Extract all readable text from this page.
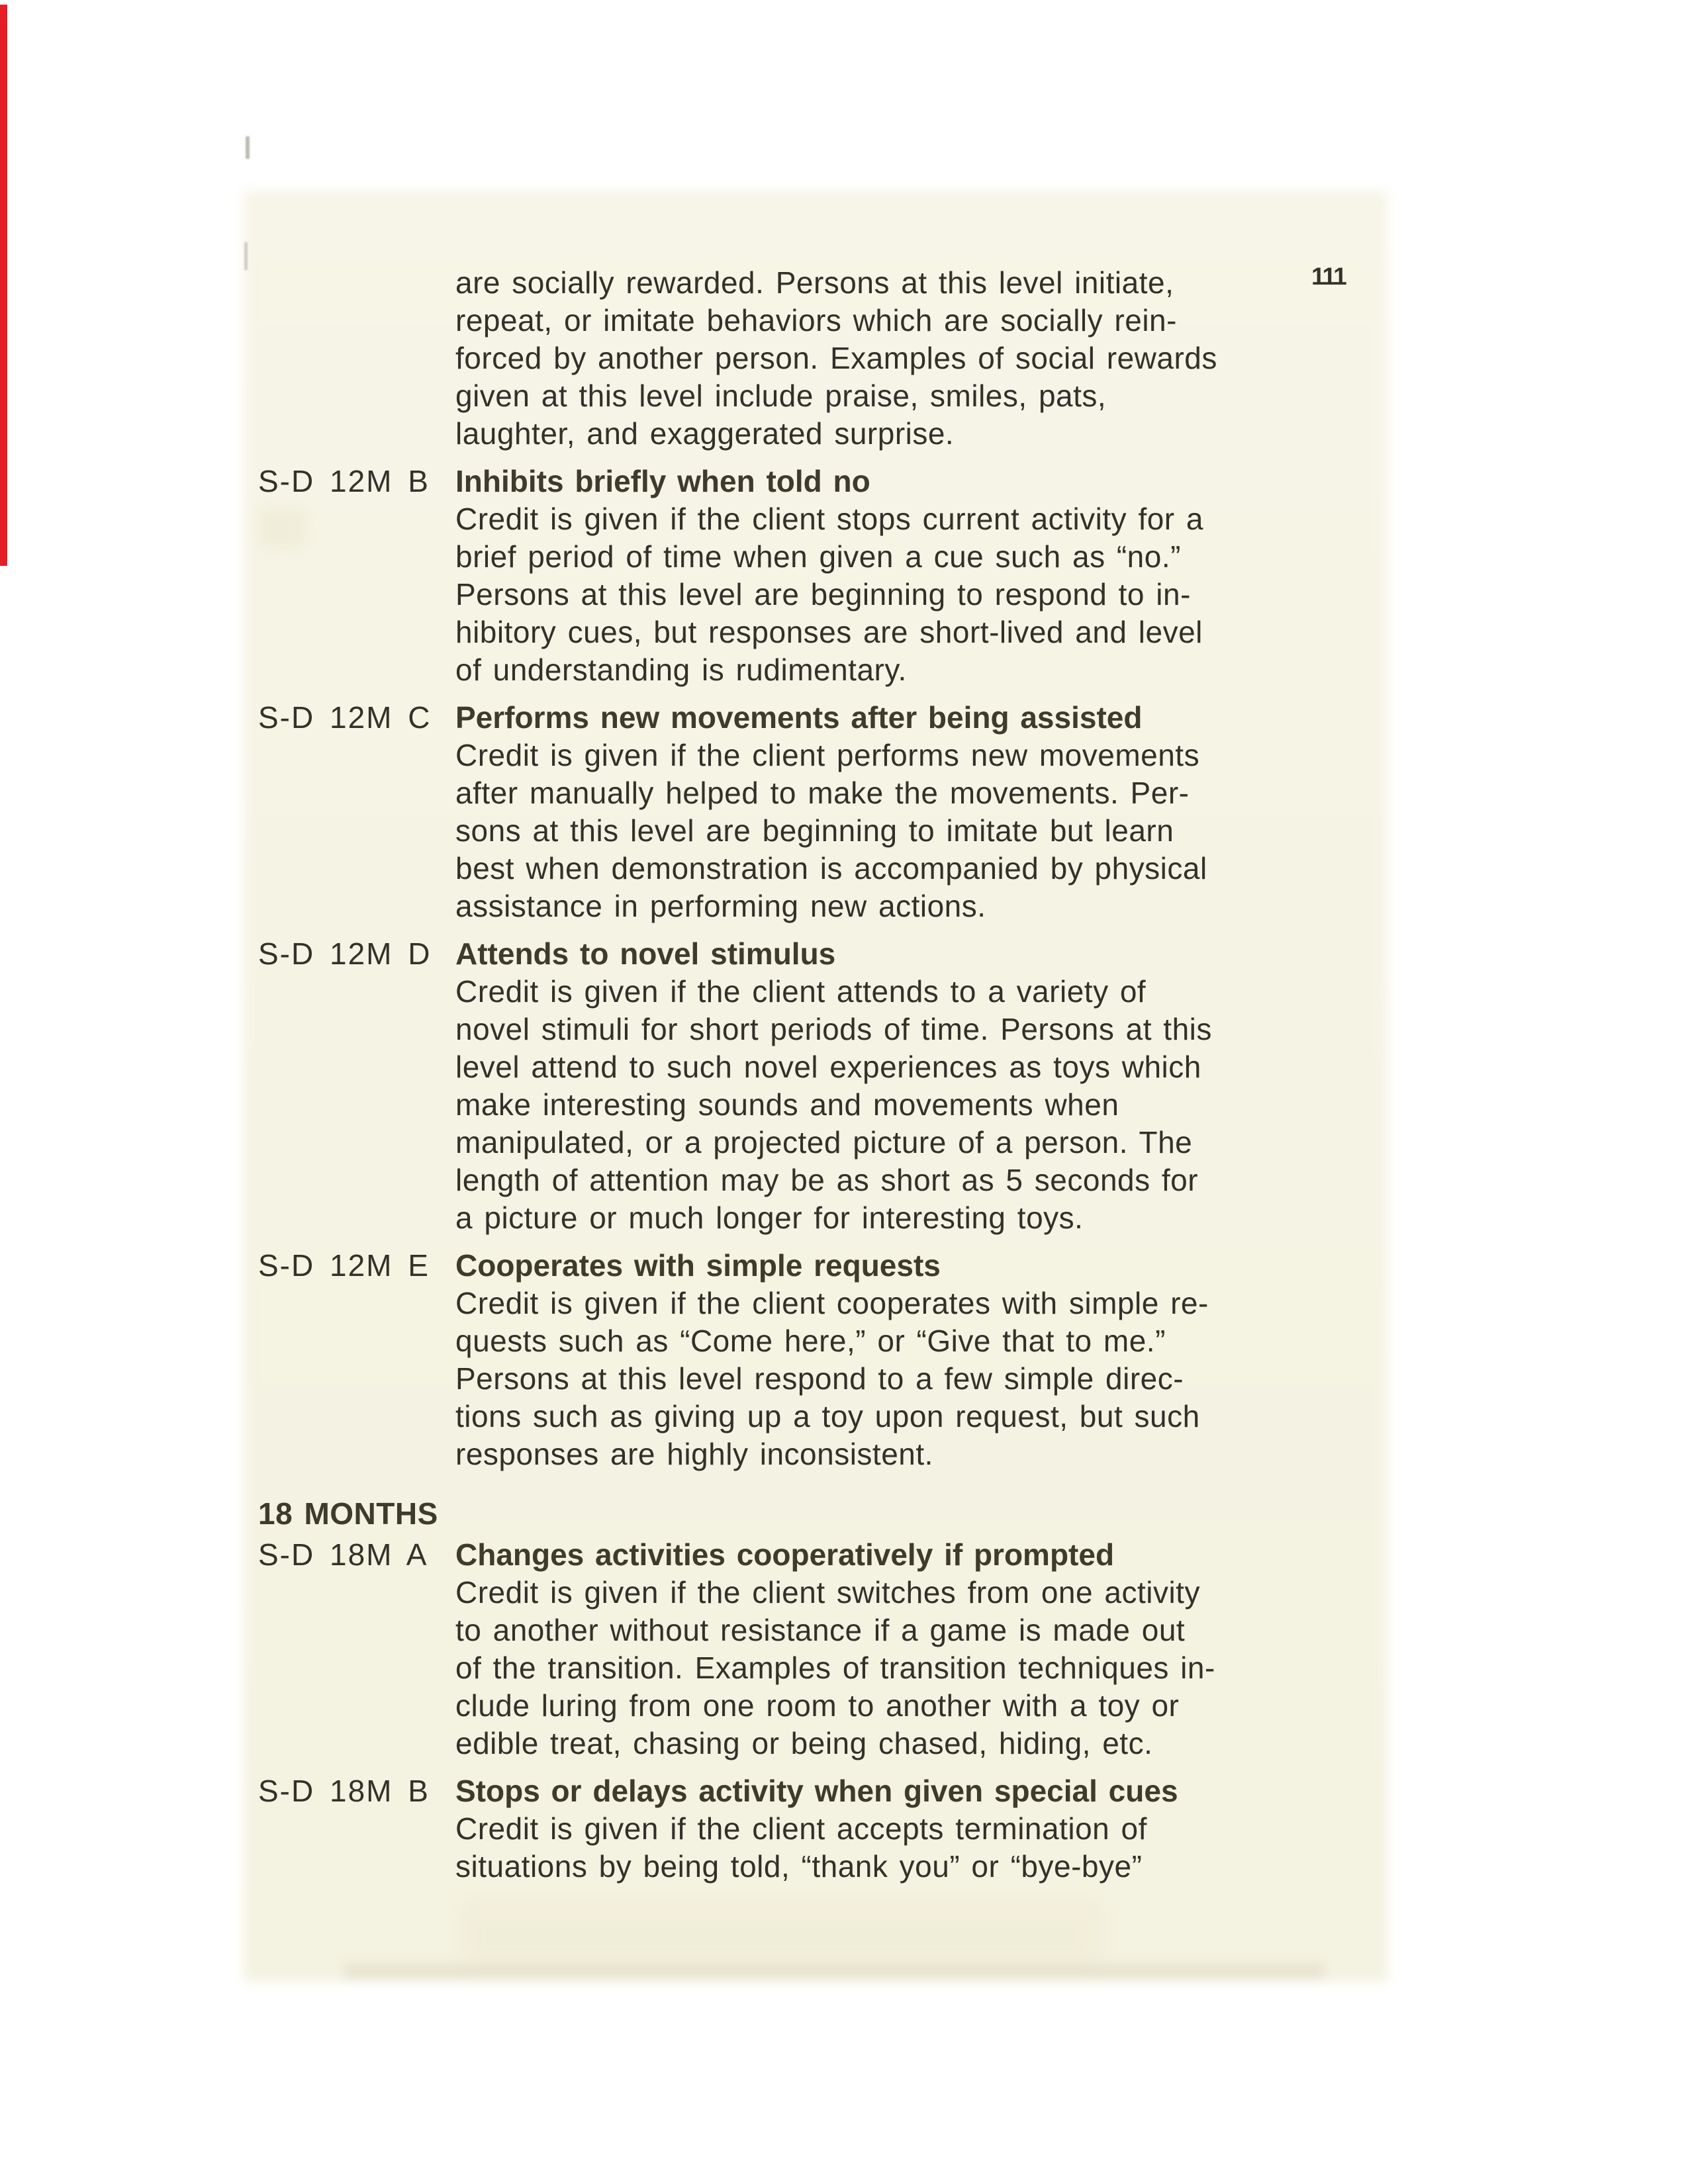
111
are socially rewarded. Persons at this level initiate,
repeat, or imitate behaviors which are socially rein-
forced by another person. Examples of social rewards
given at this level include praise, smiles, pats,
laughter, and exaggerated surprise.
S-D 12M B Inhibits briefly when told no
Credit is given if the client stops current activity for a
brief period of time when given a cue such as “no.”
Persons at this level are beginning to respond to in-
hibitory cues, but responses are short-lived and level
of understanding is rudimentary.
S-D 12M C Performs new movements after being assisted
Credit is given if the client performs new movements
after manually helped to make the movements. Per-
sons at this level are beginning to imitate but learn
best when demonstration is accompanied by physical
assistance in performing new actions.
S-D 12M D Attends to novel stimulus
Credit is given if the client attends to a variety of
novel stimuli for short periods of time. Persons at this
level attend to such novel experiences as toys which
make interesting sounds and movements when
manipulated, or a projected picture of a person. The
length of attention may be as short as 5 seconds for
a picture or much longer for interesting toys.
S-D 12M E Cooperates with simple requests
Credit is given if the client cooperates with simple re-
quests such as “Come here,” or “Give that to me.”
Persons at this level respond to a few simple direc-
tions such as giving up a toy upon request, but such
responses are highly inconsistent.
18 MONTHS
S-D 18M A Changes activities cooperatively if prompted
Credit is given if the client switches from one activity
to another without resistance if a game is made out
of the transition. Examples of transition techniques in-
clude luring from one room to another with a toy or
edible treat, chasing or being chased, hiding, etc.
S-D 18M B Stops or delays activity when given special cues
Credit is given if the client accepts termination of
situations by being told, “thank you” or “bye-bye”
